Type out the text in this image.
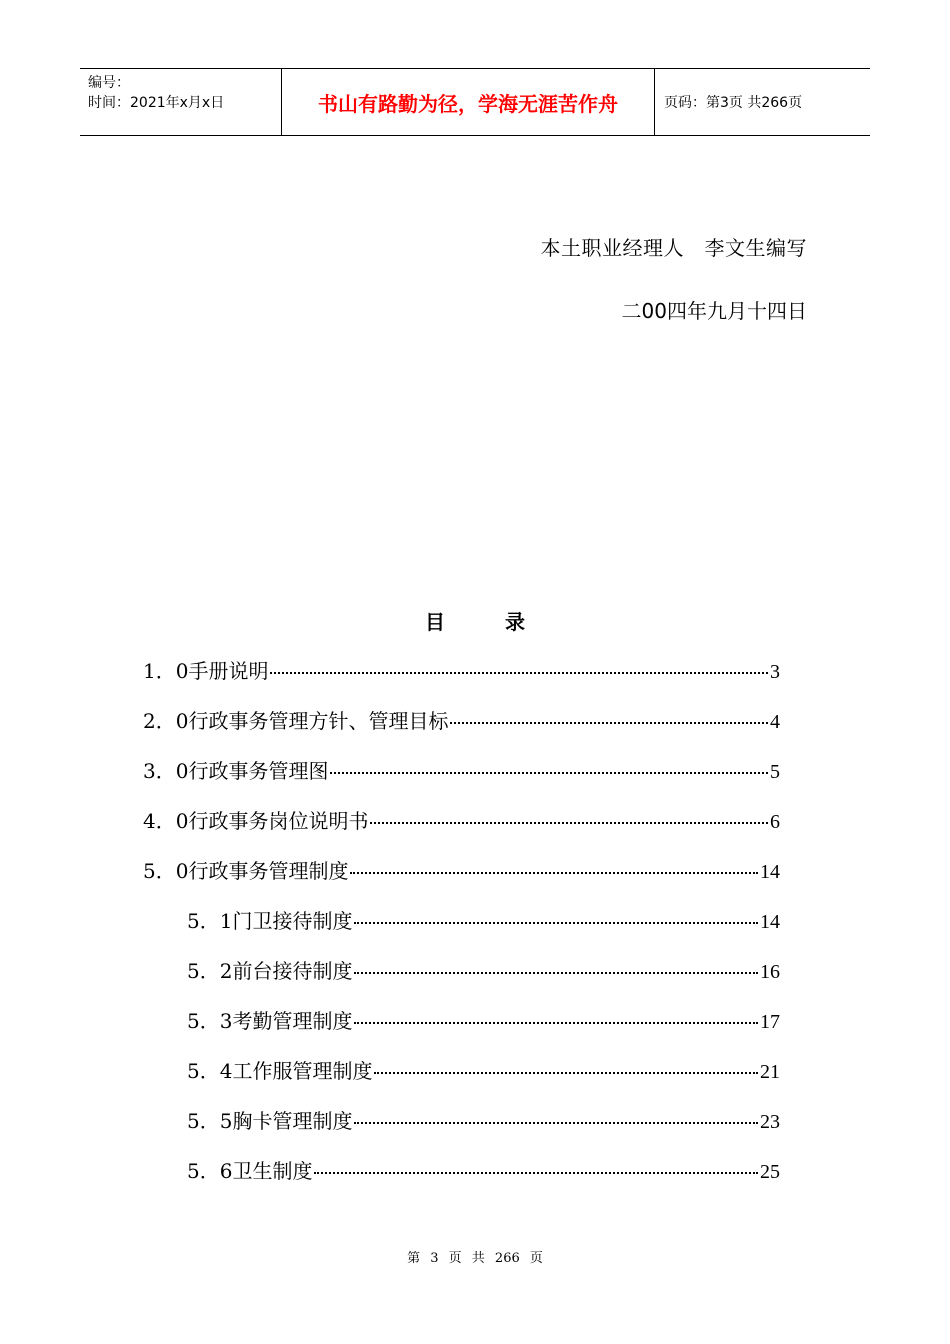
编号：
时间：2021年x月x日	书山有路勤为径，学海无涯苦作舟	页码：第3页 共266页
本土职业经理人　李文生编写
二00四年九月十四日
目录
1．0手册说明	3
2．0行政事务管理方针、管理目标	4
3．0行政事务管理图	5
4．0行政事务岗位说明书	6
5．0行政事务管理制度	14
5．1门卫接待制度	14
5．2前台接待制度	16
5．3考勤管理制度	17
5．4工作服管理制度	21
5．5胸卡管理制度	23
5．6卫生制度	25
第 3 页 共 266 页
